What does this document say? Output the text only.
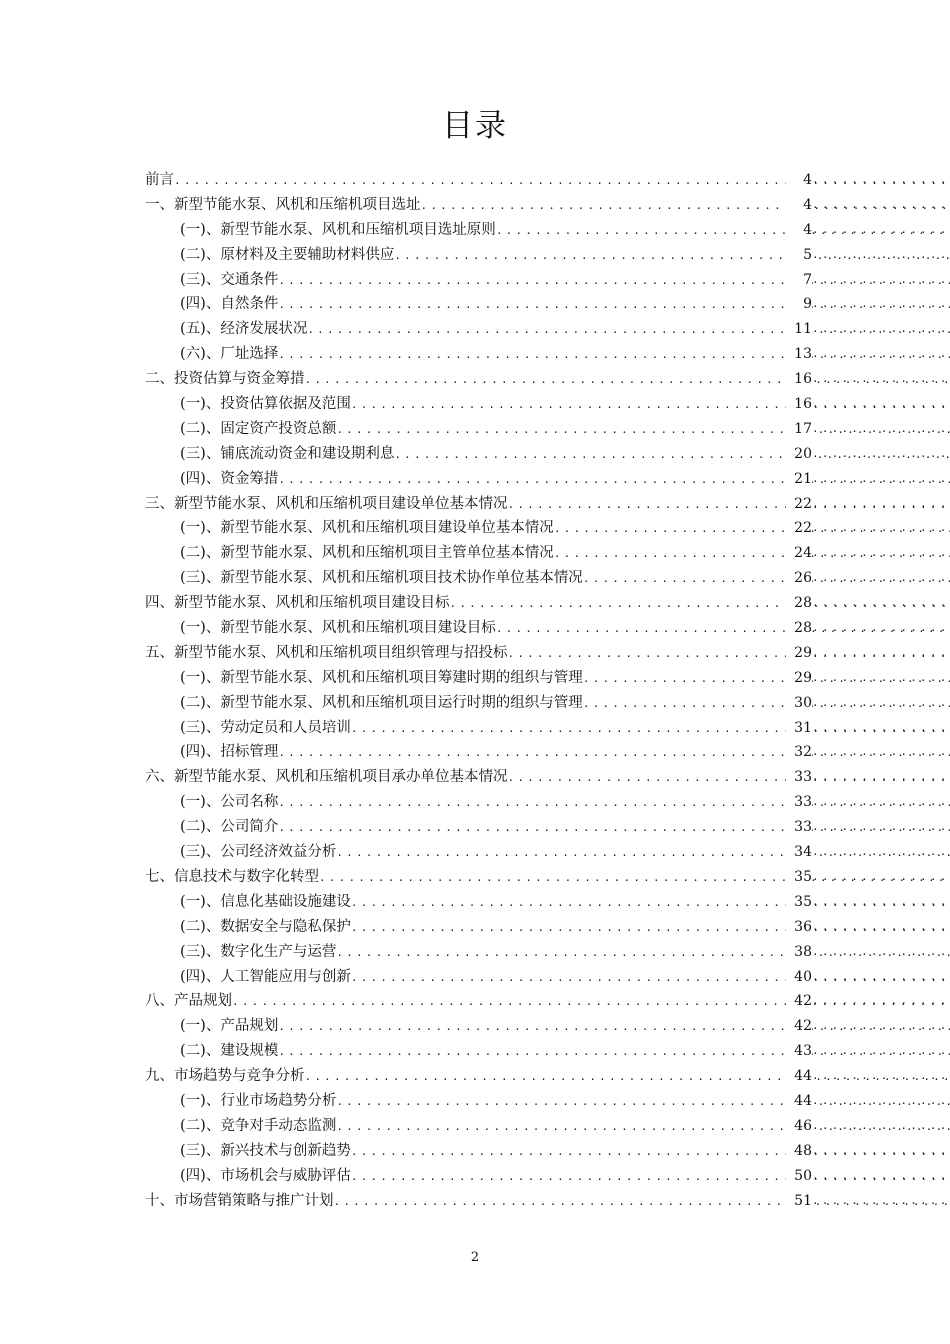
目录
前言 .....	4
.....
一、新型节能水泵、风机和压缩机项目选址 .....	4
.....
(一)、新型节能水泵、风机和压缩机项目选址原则 .....	4
.....
(二)、原材料及主要辅助材料供应 .....	5
.....
(三)、交通条件 .....	7
.....
(四)、自然条件 .....	9
.....
(五)、经济发展状况 .....	11
.....
(六)、厂址选择 .....	13
.....
二、投资估算与资金筹措 .....	16
.....
(一)、投资估算依据及范围 .....	16
.....
(二)、固定资产投资总额 .....	17
.....
(三)、铺底流动资金和建设期利息 .....	20
.....
(四)、资金筹措 .....	21
.....
三、新型节能水泵、风机和压缩机项目建设单位基本情况 .....	22
.....
(一)、新型节能水泵、风机和压缩机项目建设单位基本情况 .....	22
.....
(二)、新型节能水泵、风机和压缩机项目主管单位基本情况 .....	24
.....
(三)、新型节能水泵、风机和压缩机项目技术协作单位基本情况 .....	26
.....
四、新型节能水泵、风机和压缩机项目建设目标 .....	28
.....
(一)、新型节能水泵、风机和压缩机项目建设目标 .....	28
.....
五、新型节能水泵、风机和压缩机项目组织管理与招投标 .....	29
.....
(一)、新型节能水泵、风机和压缩机项目筹建时期的组织与管理 .....	29
.....
(二)、新型节能水泵、风机和压缩机项目运行时期的组织与管理 .....	30
.....
(三)、劳动定员和人员培训 .....	31
.....
(四)、招标管理 .....	32
.....
六、新型节能水泵、风机和压缩机项目承办单位基本情况 .....	33
.....
(一)、公司名称 .....	33
.....
(二)、公司简介 .....	33
.....
(三)、公司经济效益分析 .....	34
.....
七、信息技术与数字化转型 .....	35
.....
(一)、信息化基础设施建设 .....	35
.....
(二)、数据安全与隐私保护 .....	36
.....
(三)、数字化生产与运营 .....	38
.....
(四)、人工智能应用与创新 .....	40
.....
八、产品规划 .....	42
.....
(一)、产品规划 .....	42
.....
(二)、建设规模 .....	43
.....
九、市场趋势与竞争分析 .....	44
.....
(一)、行业市场趋势分析 .....	44
.....
(二)、竞争对手动态监测 .....	46
.....
(三)、新兴技术与创新趋势 .....	48
.....
(四)、市场机会与威胁评估 .....	50
.....
十、市场营销策略与推广计划 .....	51
.....
2
